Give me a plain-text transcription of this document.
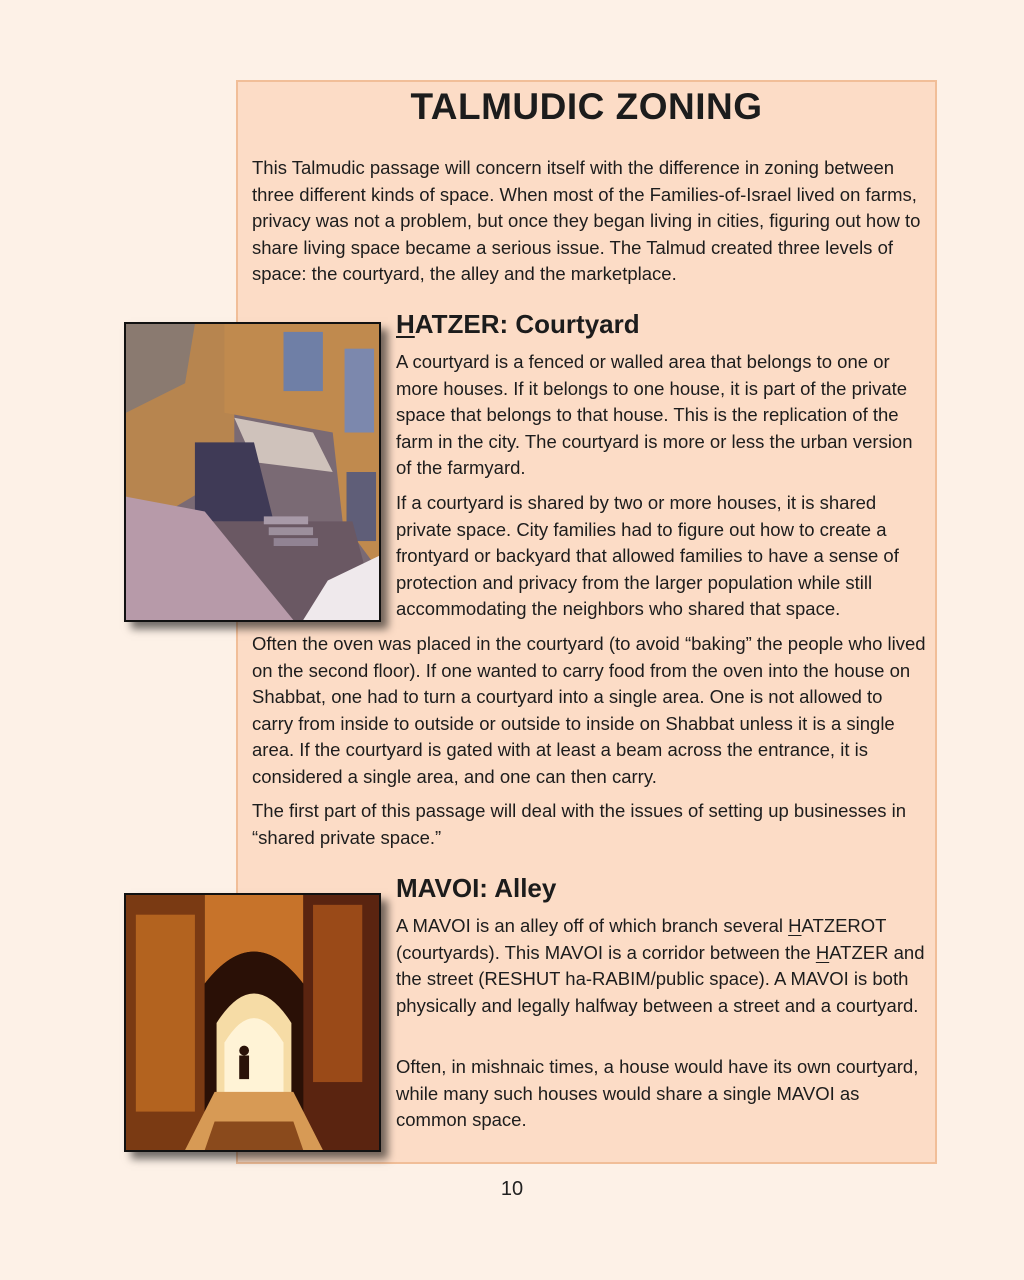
TALMUDIC ZONING

This Talmudic passage will concern itself with the difference in zoning between three different kinds of space. When most of the Families-of-Israel lived on farms, privacy was not a problem, but once they began living in cities, figuring out how to share living space became a serious issue. The Talmud created three levels of space: the courtyard, the alley and the marketplace.

HATZER: Courtyard

A courtyard is a fenced or walled area that belongs to one or more houses. If it belongs to one house, it is part of the private space that belongs to that house. This is the replication of the farm in the city. The courtyard is more or less the urban version of the farmyard.

If a courtyard is shared by two or more houses, it is shared private space. City families had to figure out how to create a frontyard or backyard that allowed families to have a sense of protection and privacy from the larger population while still accommodating the neighbors who shared that space.

Often the oven was placed in the courtyard (to avoid “baking” the people who lived on the second floor). If one wanted to carry food from the oven into the house on Shabbat, one had to turn a courtyard into a single area. One is not allowed to carry from inside to outside or outside to inside on Shabbat unless it is a single area. If the courtyard is gated with at least a beam across the entrance, it is considered a single area, and one can then carry.

The first part of this passage will deal with the issues of setting up businesses in “shared private space.”

MAVOI: Alley

A MAVOI is an alley off of which branch several HATZEROT (courtyards). This MAVOI is a corridor between the HATZER and the street (RESHUT ha-RABIM/public space). A MAVOI is both physically and legally halfway between a street and a courtyard.

Often, in mishnaic times, a house would have its own courtyard, while many such houses would share a single MAVOI as common space.

10
